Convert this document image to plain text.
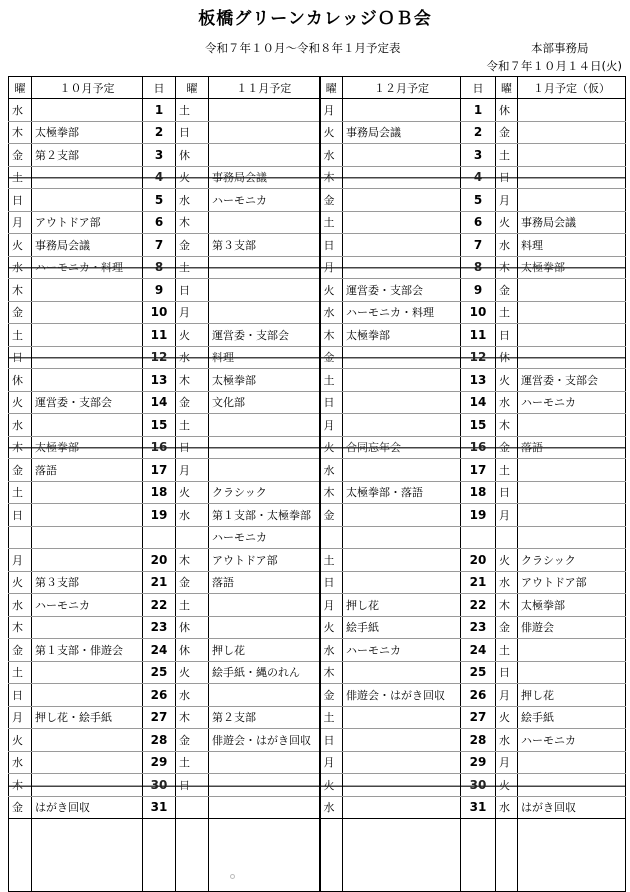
板橋グリーンカレッジＯＢ会
令和７年１０月～令和８年１月予定表	本部事務局
令和７年１０月１４日(火)
曜	１０月予定	日	曜	１１月予定	曜	１２月予定	日	曜	１月予定（仮）
水		1	土		月		1	休	
木	太極拳部	2	日		火	事務局会議	2	金	
金	第２支部	3	休		水		3	土	
土		4	火	事務局会議	木		4	日	
日		5	水	ハーモニカ	金		5	月	
月	アウトドア部	6	木		土		6	火	事務局会議
火	事務局会議	7	金	第３支部	日		7	水	料理
水	ハーモニカ・料理	8	土		月		8	木	太極拳部
木		9	日		火	運営委・支部会	9	金	
金		10	月		水	ハーモニカ・料理	10	土	
土		11	火	運営委・支部会	木	太極拳部	11	日	
日		12	水	料理	金		12	休	
休		13	木	太極拳部	土		13	火	運営委・支部会
火	運営委・支部会	14	金	文化部	日		14	水	ハーモニカ
水		15	土		月		15	木	
木	太極拳部	16	日		火	合同忘年会	16	金	落語
金	落語	17	月		水		17	土	
土		18	火	クラシック	木	太極拳部・落語	18	日	
日		19	水	第１支部・太極拳部	金		19	月	
				ハーモニカ					
月		20	木	アウトドア部	土		20	火	クラシック
火	第３支部	21	金	落語	日		21	水	アウトドア部
水	ハーモニカ	22	土		月	押し花	22	木	太極拳部
木		23	休		火	絵手紙	23	金	俳遊会
金	第１支部・俳遊会	24	休	押し花	水	ハーモニカ	24	土	
土		25	火	絵手紙・縄のれん	木		25	日	
日		26	水		金	俳遊会・はがき回収	26	月	押し花
月	押し花・絵手紙	27	木	第２支部	土		27	火	絵手紙
火		28	金	俳遊会・はがき回収	日		28	水	ハーモニカ
水		29	土		月		29	月	
木		30	日		火		30	火	
金	はがき回収	31			水		31	水	はがき回収
